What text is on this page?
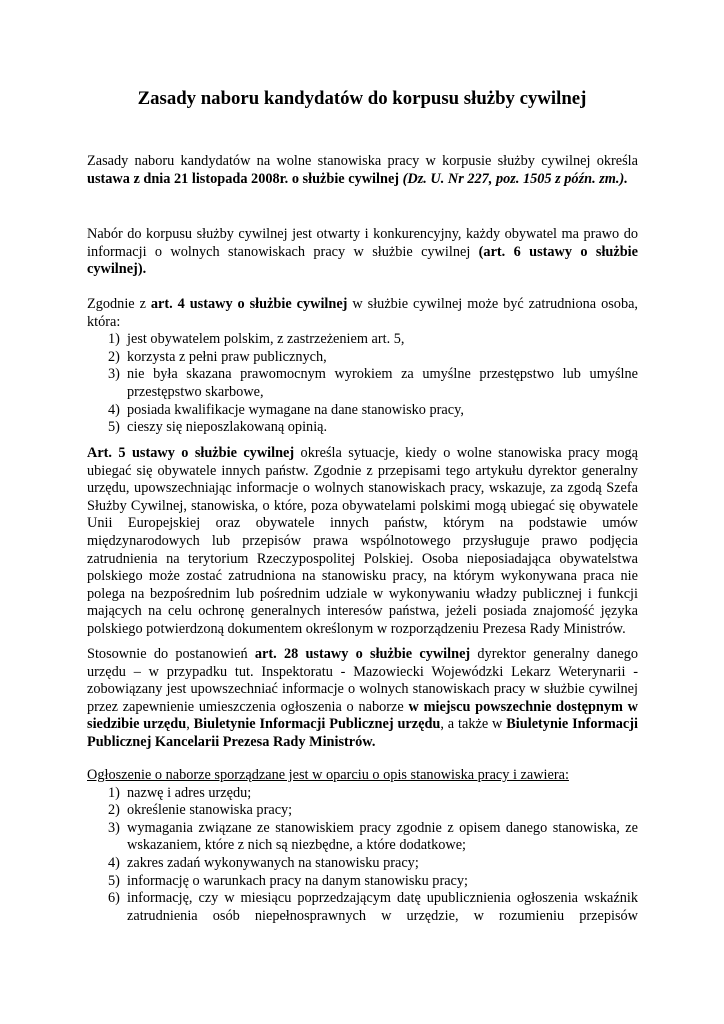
Zasady naboru kandydatów do korpusu służby cywilnej

Zasady naboru kandydatów na wolne stanowiska pracy w korpusie służby cywilnej określa ustawa z dnia 21 listopada 2008r. o służbie cywilnej (Dz. U. Nr 227, poz. 1505 z późn. zm.).

Nabór do korpusu służby cywilnej jest otwarty i konkurencyjny, każdy obywatel ma prawo do informacji o wolnych stanowiskach pracy w służbie cywilnej (art. 6 ustawy o służbie cywilnej).

Zgodnie z art. 4 ustawy o służbie cywilnej w służbie cywilnej może być zatrudniona osoba, która:
1) jest obywatelem polskim, z zastrzeżeniem art. 5,
2) korzysta z pełni praw publicznych,
3) nie była skazana prawomocnym wyrokiem za umyślne przestępstwo lub umyślne przestępstwo skarbowe,
4) posiada kwalifikacje wymagane na dane stanowisko pracy,
5) cieszy się nieposzlakowaną opinią.

Art. 5 ustawy o służbie cywilnej określa sytuacje, kiedy o wolne stanowiska pracy mogą ubiegać się obywatele innych państw. Zgodnie z przepisami tego artykułu dyrektor generalny urzędu, upowszechniając informacje o wolnych stanowiskach pracy, wskazuje, za zgodą Szefa Służby Cywilnej, stanowiska, o które, poza obywatelami polskimi mogą ubiegać się obywatele Unii Europejskiej oraz obywatele innych państw, którym na podstawie umów międzynarodowych lub przepisów prawa wspólnotowego przysługuje prawo podjęcia zatrudnienia na terytorium Rzeczypospolitej Polskiej. Osoba nieposiadająca obywatelstwa polskiego może zostać zatrudniona na stanowisku pracy, na którym wykonywana praca nie polega na bezpośrednim lub pośrednim udziale w wykonywaniu władzy publicznej i funkcji mających na celu ochronę generalnych interesów państwa, jeżeli posiada znajomość języka polskiego potwierdzoną dokumentem określonym w rozporządzeniu Prezesa Rady Ministrów.

Stosownie do postanowień art. 28 ustawy o służbie cywilnej dyrektor generalny danego urzędu – w przypadku tut. Inspektoratu - Mazowiecki Wojewódzki Lekarz Weterynarii - zobowiązany jest upowszechniać informacje o wolnych stanowiskach pracy w służbie cywilnej przez zapewnienie umieszczenia ogłoszenia o naborze w miejscu powszechnie dostępnym w siedzibie urzędu, Biuletynie Informacji Publicznej urzędu, a także w Biuletynie Informacji Publicznej Kancelarii Prezesa Rady Ministrów.

Ogłoszenie o naborze sporządzane jest w oparciu o opis stanowiska pracy i zawiera:
1) nazwę i adres urzędu;
2) określenie stanowiska pracy;
3) wymagania związane ze stanowiskiem pracy zgodnie z opisem danego stanowiska, ze wskazaniem, które z nich są niezbędne, a które dodatkowe;
4) zakres zadań wykonywanych na stanowisku pracy;
5) informację o warunkach pracy na danym stanowisku pracy;
6) informację, czy w miesiącu poprzedzającym datę upublicznienia ogłoszenia wskaźnik zatrudnienia osób niepełnosprawnych w urzędzie, w rozumieniu przepisów
